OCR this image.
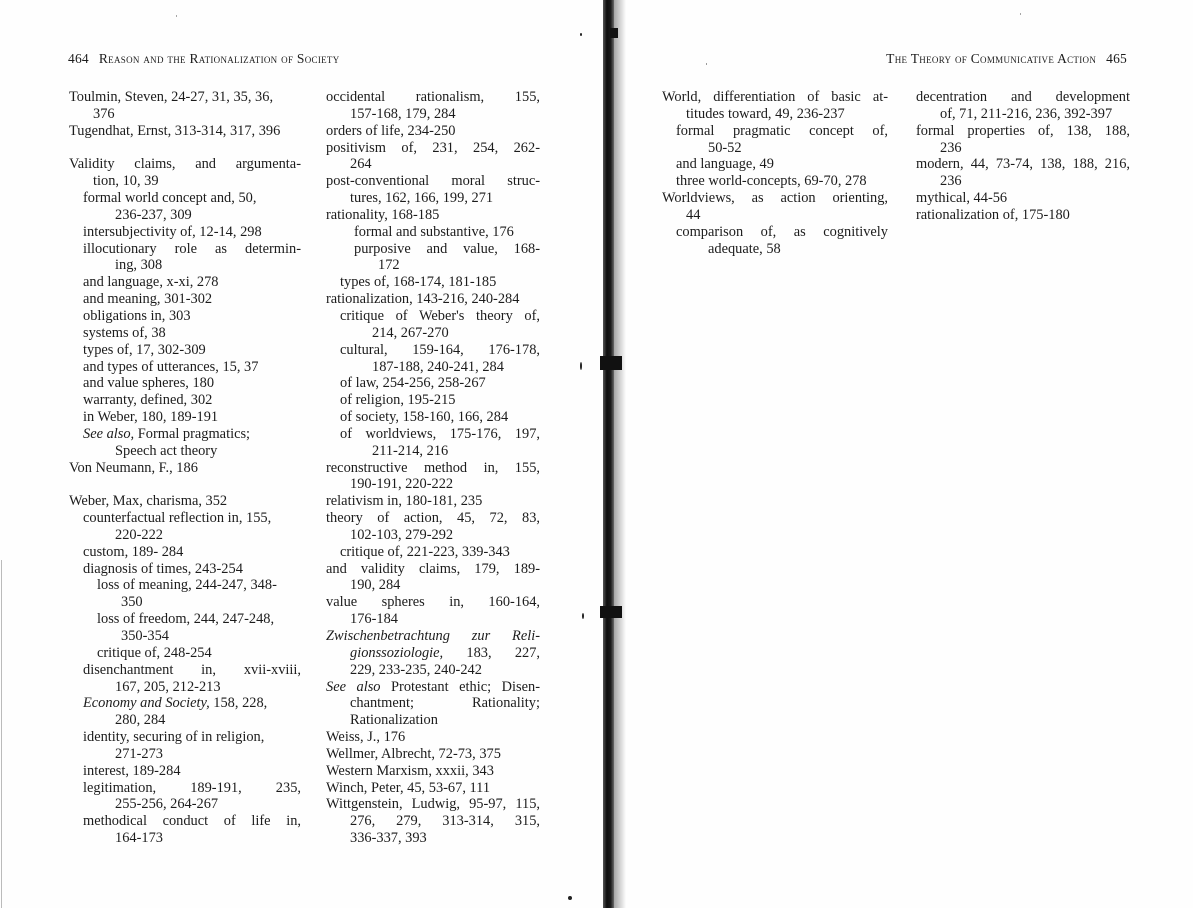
464 Reason and the Rationalization of Society
Toulmin, Steven, 24-27, 31, 35, 36,
376
Tugendhat, Ernst, 313-314, 317, 396
Validity claims, and argumenta-
tion, 10, 39
formal world concept and, 50,
236-237, 309
intersubjectivity of, 12-14, 298
illocutionary role as determin-
ing, 308
and language, x-xi, 278
and meaning, 301-302
obligations in, 303
systems of, 38
types of, 17, 302-309
and types of utterances, 15, 37
and value spheres, 180
warranty, defined, 302
in Weber, 180, 189-191
See also, Formal pragmatics;
Speech act theory
Von Neumann, F., 186
Weber, Max, charisma, 352
counterfactual reflection in, 155,
220-222
custom, 189- 284
diagnosis of times, 243-254
loss of meaning, 244-247, 348-
350
loss of freedom, 244, 247-248,
350-354
critique of, 248-254
disenchantment in, xvii-xviii,
167, 205, 212-213
Economy and Society, 158, 228,
280, 284
identity, securing of in religion,
271-273
interest, 189-284
legitimation, 189-191, 235,
255-256, 264-267
methodical conduct of life in,
164-173
occidental rationalism, 155,
157-168, 179, 284
orders of life, 234-250
positivism of, 231, 254, 262-
264
post-conventional moral struc-
tures, 162, 166, 199, 271
rationality, 168-185
formal and substantive, 176
purposive and value, 168-
172
types of, 168-174, 181-185
rationalization, 143-216, 240-284
critique of Weber's theory of,
214, 267-270
cultural, 159-164, 176-178,
187-188, 240-241, 284
of law, 254-256, 258-267
of religion, 195-215
of society, 158-160, 166, 284
of worldviews, 175-176, 197,
211-214, 216
reconstructive method in, 155,
190-191, 220-222
relativism in, 180-181, 235
theory of action, 45, 72, 83,
102-103, 279-292
critique of, 221-223, 339-343
and validity claims, 179, 189-
190, 284
value spheres in, 160-164,
176-184
Zwischenbetrachtung zur Reli-
gionssoziologie, 183, 227,
229, 233-235, 240-242
See also Protestant ethic; Disen-
chantment; Rationality;
Rationalization
Weiss, J., 176
Wellmer, Albrecht, 72-73, 375
Western Marxism, xxxii, 343
Winch, Peter, 45, 53-67, 111
Wittgenstein, Ludwig, 95-97, 115,
276, 279, 313-314, 315,
336-337, 393
The Theory of Communicative Action 465
World, differentiation of basic at-
titudes toward, 49, 236-237
formal pragmatic concept of,
50-52
and language, 49
three world-concepts, 69-70, 278
Worldviews, as action orienting,
44
comparison of, as cognitively
adequate, 58
decentration and development
of, 71, 211-216, 236, 392-397
formal properties of, 138, 188,
236
modern, 44, 73-74, 138, 188, 216,
236
mythical, 44-56
rationalization of, 175-180
